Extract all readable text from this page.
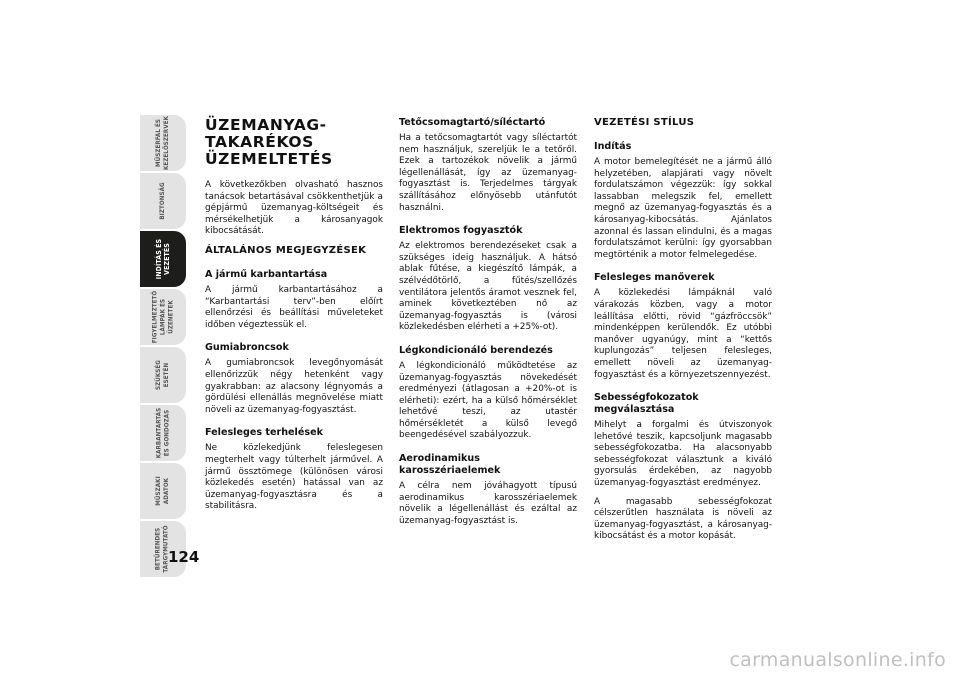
MŰSZERFAL ÉS
KEZELŐSZERVEK
BIZTONSÁG
INDÍTÁS ÉS
VEZETÉS
FIGYELMEZTETŐ
LÁMPÁK ÉS
ÜZENETEK
SZÜKSÉG
ESETÉN
KARBANTARTÁS
ÉS GONDOZÁS
MŰSZAKI
ADATOK
BETŰRENDES
TÁRGYMUTATÓ
124
ÜZEMANYAG-
TAKARÉKOS
ÜZEMELTETÉS

A következőkben olvasható hasznos tanácsok betartásával csökkenthetjük a gépjármű üzemanyag-költségeit és mérsékelhetjük a károsanyagok kibocsátását.

ÁLTALÁNOS MEGJEGYZÉSEK
A jármű karbantartása

A jármű karbantartásához a “Karbantartási terv”-ben előírt ellenőrzési és beállítási műveleteket időben végeztessük el.

Gumiabroncsok

A gumiabroncsok levegőnyomását ellenőrizzük négy hetenként vagy gyakrabban: az alacsony légnyomás a gördülési ellenállás megnövelése miatt növeli az üzemanyag-fogyasztást.

Felesleges terhelések

Ne közlekedjünk feleslegesen megterhelt vagy túlterhelt járművel. A jármű össztömege (különösen városi közlekedés esetén) hatással van az üzemanyag-fogyasztásra és a stabilitásra.

Tetőcsomagtartó/síléctartó

Ha a tetőcsomagtartót vagy síléctartót nem használjuk, szereljük le a tetőről. Ezek a tartozékok növelik a jármű légellenállását, így az üzemanyag-fogyasztást is. Terjedelmes tárgyak szállításához előnyösebb utánfutót használni.

Elektromos fogyasztók

Az elektromos berendezéseket csak a szükséges ideig használjuk. A hátsó ablak fűtése, a kiegészítő lámpák, a szélvédőtörlő, a fűtés/szellőzés ventilátora jelentős áramot vesznek fel, aminek következtében nő az üzemanyag-fogyasztás is (városi közlekedésben elérheti a +25%-ot).

Légkondicionáló berendezés

A légkondicionáló működtetése az üzemanyag-fogyasztás növekedését eredményezi (átlagosan a +20%-ot is elérheti): ezért, ha a külső hőmérséklet lehetővé teszi, az utastér hőmérsékletét a külső levegő beengedésével szabályozzuk.

Aerodinamikus karosszériaelemek

A célra nem jóváhagyott típusú aerodinamikus karosszériaelemek növelik a légellenállást és ezáltal az üzemanyag-fogyasztást is.

VEZETÉSI STÍLUS
Indítás

A motor bemelegítését ne a jármű álló helyzetében, alapjárati vagy növelt fordulatszámon végezzük: így sokkal lassabban melegszik fel, emellett megnő az üzemanyag-fogyasztás és a károsanyag-kibocsátás. Ajánlatos azonnal és lassan elindulni, és a magas fordulatszámot kerülni: így gyorsabban megtörténik a motor felmelegedése.

Felesleges manőverek

A közlekedési lámpáknál való várakozás közben, vagy a motor leállítása előtti, rövid “gázfröccsök” mindenképpen kerülendők. Ez utóbbi manőver ugyanúgy, mint a “kettős kuplungozás” teljesen felesleges, emellett növeli az üzemanyag-fogyasztást és a környezetszennyezést.

Sebességfokozatok megválasztása

Mihelyt a forgalmi és útviszonyok lehetővé teszik, kapcsoljunk magasabb sebességfokozatba. Ha alacsonyabb sebességfokozat választunk a kiváló gyorsulás érdekében, az nagyobb üzemanyag-fogyasztást eredményez.

A magasabb sebességfokozat célszerűtlen használata is növeli az üzemanyag-fogyasztást, a károsanyag-kibocsátást és a motor kopását.

carmanualsonline.info
